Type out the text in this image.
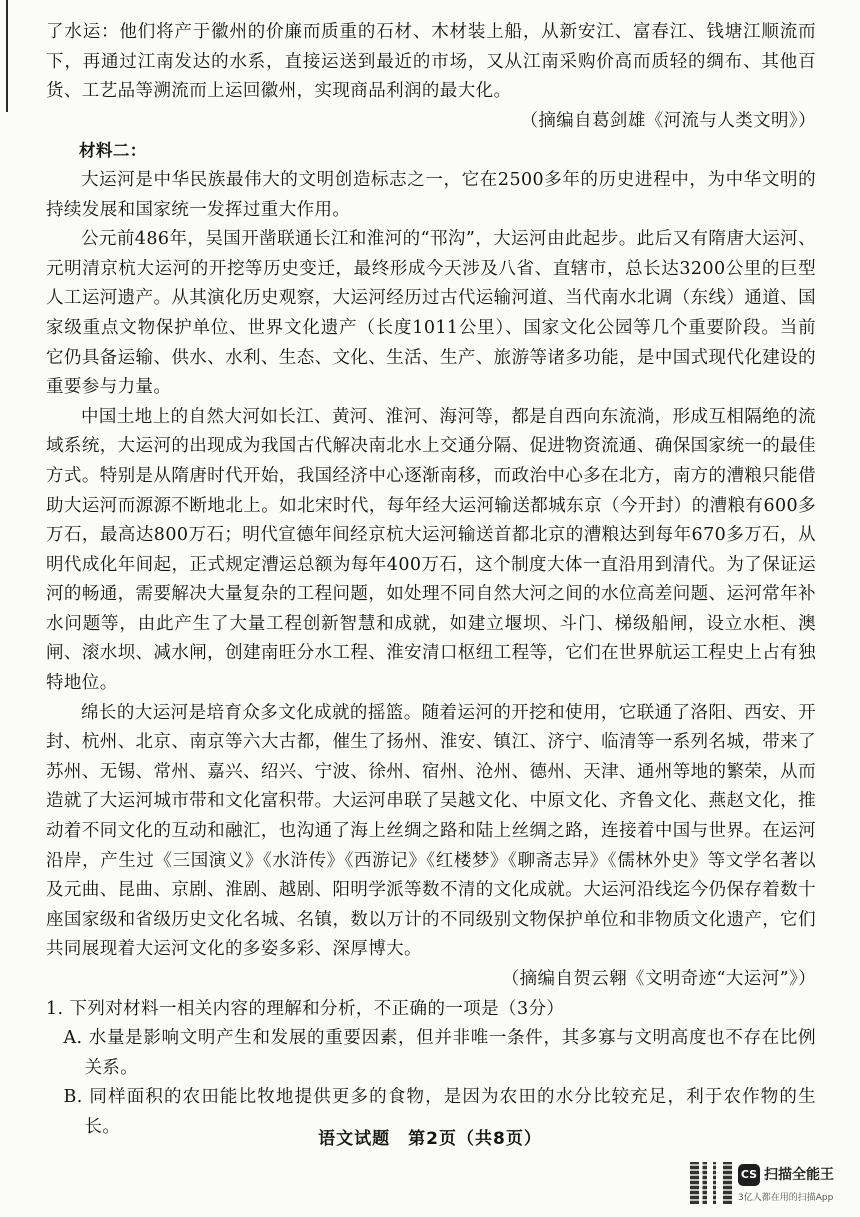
了水运：他们将产于徽州的价廉而质重的石材、木材装上船，从新安江、富春江、钱塘江顺流而下，再通过江南发达的水系，直接运送到最近的市场，又从江南采购价高而质轻的绸布、其他百货、工艺品等溯流而上运回徽州，实现商品利润的最大化。

（摘编自葛剑雄《河流与人类文明》）

材料二：

大运河是中华民族最伟大的文明创造标志之一，它在2500多年的历史进程中，为中华文明的持续发展和国家统一发挥过重大作用。

公元前486年，吴国开凿联通长江和淮河的“邗沟”，大运河由此起步。此后又有隋唐大运河、元明清京杭大运河的开挖等历史变迁，最终形成今天涉及八省、直辖市，总长达3200公里的巨型人工运河遗产。从其演化历史观察，大运河经历过古代运输河道、当代南水北调（东线）通道、国家级重点文物保护单位、世界文化遗产（长度1011公里）、国家文化公园等几个重要阶段。当前它仍具备运输、供水、水利、生态、文化、生活、生产、旅游等诸多功能，是中国式现代化建设的重要参与力量。

中国土地上的自然大河如长江、黄河、淮河、海河等，都是自西向东流淌，形成互相隔绝的流域系统，大运河的出现成为我国古代解决南北水上交通分隔、促进物资流通、确保国家统一的最佳方式。特别是从隋唐时代开始，我国经济中心逐渐南移，而政治中心多在北方，南方的漕粮只能借助大运河而源源不断地北上。如北宋时代，每年经大运河输送都城东京（今开封）的漕粮有600多万石，最高达800万石；明代宣德年间经京杭大运河输送首都北京的漕粮达到每年670多万石，从明代成化年间起，正式规定漕运总额为每年400万石，这个制度大体一直沿用到清代。为了保证运河的畅通，需要解决大量复杂的工程问题，如处理不同自然大河之间的水位高差问题、运河常年补水问题等，由此产生了大量工程创新智慧和成就，如建立堰坝、斗门、梯级船闸，设立水柜、澳闸、滚水坝、减水闸，创建南旺分水工程、淮安清口枢纽工程等，它们在世界航运工程史上占有独特地位。

绵长的大运河是培育众多文化成就的摇篮。随着运河的开挖和使用，它联通了洛阳、西安、开封、杭州、北京、南京等六大古都，催生了扬州、淮安、镇江、济宁、临清等一系列名城，带来了苏州、无锡、常州、嘉兴、绍兴、宁波、徐州、宿州、沧州、德州、天津、通州等地的繁荣，从而造就了大运河城市带和文化富积带。大运河串联了吴越文化、中原文化、齐鲁文化、燕赵文化，推动着不同文化的互动和融汇，也沟通了海上丝绸之路和陆上丝绸之路，连接着中国与世界。在运河沿岸，产生过《三国演义》《水浒传》《西游记》《红楼梦》《聊斋志异》《儒林外史》等文学名著以及元曲、昆曲、京剧、淮剧、越剧、阳明学派等数不清的文化成就。大运河沿线迄今仍保存着数十座国家级和省级历史文化名城、名镇，数以万计的不同级别文物保护单位和非物质文化遗产，它们共同展现着大运河文化的多姿多彩、深厚博大。

（摘编自贺云翱《文明奇迹“大运河”》）

1. 下列对材料一相关内容的理解和分析，不正确的一项是（3分）

A. 水量是影响文明产生和发展的重要因素，但并非唯一条件，其多寡与文明高度也不存在比例关系。

B. 同样面积的农田能比牧地提供更多的食物，是因为农田的水分比较充足，利于农作物的生长。

语文试题　第2页（共8页）
CS 扫描全能王
3亿人都在用的扫描App
